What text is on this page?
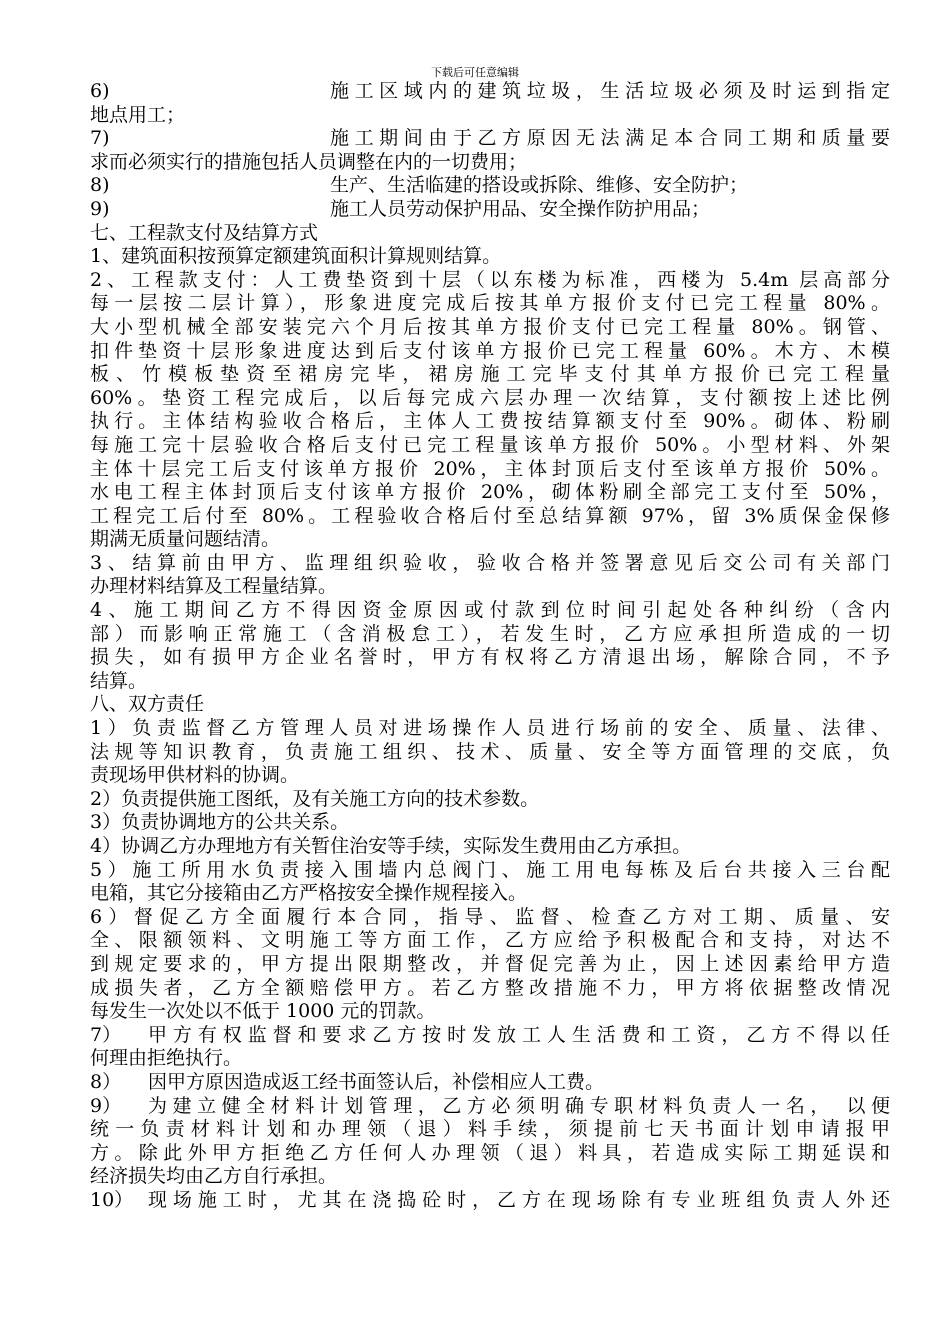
下载后可任意编辑
6)	施工区域内的建筑垃圾，生活垃圾必须及时运到指定
地点用工；
7)	施工期间由于乙方原因无法满足本合同工期和质量要
求而必须实行的措施包括人员调整在内的一切费用；
8)	生产、生活临建的搭设或拆除、维修、安全防护；
9)	施工人员劳动保护用品、安全操作防护用品；
七、工程款支付及结算方式
1、建筑面积按预算定额建筑面积计算规则结算。
2、工程款支付：人工费垫资到十层（以东楼为标准，西楼为 5.4m 层高部分
每一层按二层计算），形象进度完成后按其单方报价支付已完工程量 80%。
大小型机械全部安装完六个月后按其单方报价支付已完工程量 80%。钢管、
扣件垫资十层形象进度达到后支付该单方报价已完工程量 60%。木方、木模
板、竹模板垫资至裙房完毕，裙房施工完毕支付其单方报价已完工程量
60%。垫资工程完成后，以后每完成六层办理一次结算，支付额按上述比例
执行。主体结构验收合格后，主体人工费按结算额支付至 90%。砌体、粉刷
每施工完十层验收合格后支付已完工程量该单方报价 50%。小型材料、外架
主体十层完工后支付该单方报价 20%，主体封顶后支付至该单方报价 50%。
水电工程主体封顶后支付该单方报价 20%，砌体粉刷全部完工支付至 50%，
工程完工后付至 80%。工程验收合格后付至总结算额 97%，留 3%质保金保修
期满无质量问题结清。
3、结算前由甲方、监理组织验收，验收合格并签署意见后交公司有关部门
办理材料结算及工程量结算。
4、施工期间乙方不得因资金原因或付款到位时间引起处各种纠纷（含内
部）而影响正常施工（含消极怠工），若发生时，乙方应承担所造成的一切
损失，如有损甲方企业名誉时，甲方有权将乙方清退出场，解除合同，不予
结算。
八、双方责任
1）负责监督乙方管理人员对进场操作人员进行场前的安全、质量、法律、
法规等知识教育，负责施工组织、技术、质量、安全等方面管理的交底，负
责现场甲供材料的协调。
2）负责提供施工图纸，及有关施工方向的技术参数。
3）负责协调地方的公共关系。
4）协调乙方办理地方有关暂住治安等手续，实际发生费用由乙方承担。
5）施工所用水负责接入围墙内总阀门、施工用电每栋及后台共接入三台配
电箱，其它分接箱由乙方严格按安全操作规程接入。
6）督促乙方全面履行本合同，指导、监督、检查乙方对工期、质量、安
全、限额领料、文明施工等方面工作，乙方应给予积极配合和支持，对达不
到规定要求的，甲方提出限期整改，并督促完善为止，因上述因素给甲方造
成损失者，乙方全额赔偿甲方。若乙方整改措施不力，甲方将依据整改情况
每发生一次处以不低于 1000 元的罚款。
7） 甲方有权监督和要求乙方按时发放工人生活费和工资，乙方不得以任
何理由拒绝执行。
8） 因甲方原因造成返工经书面签认后，补偿相应人工费。
9） 为建立健全材料计划管理，乙方必须明确专职材料负责人一名， 以便
统一负责材料计划和办理领（退）料手续，须提前七天书面计划申请报甲
方。除此外甲方拒绝乙方任何人办理领（退）料具，若造成实际工期延误和
经济损失均由乙方自行承担。
10） 现场施工时，尤其在浇捣砼时，乙方在现场除有专业班组负责人外还
